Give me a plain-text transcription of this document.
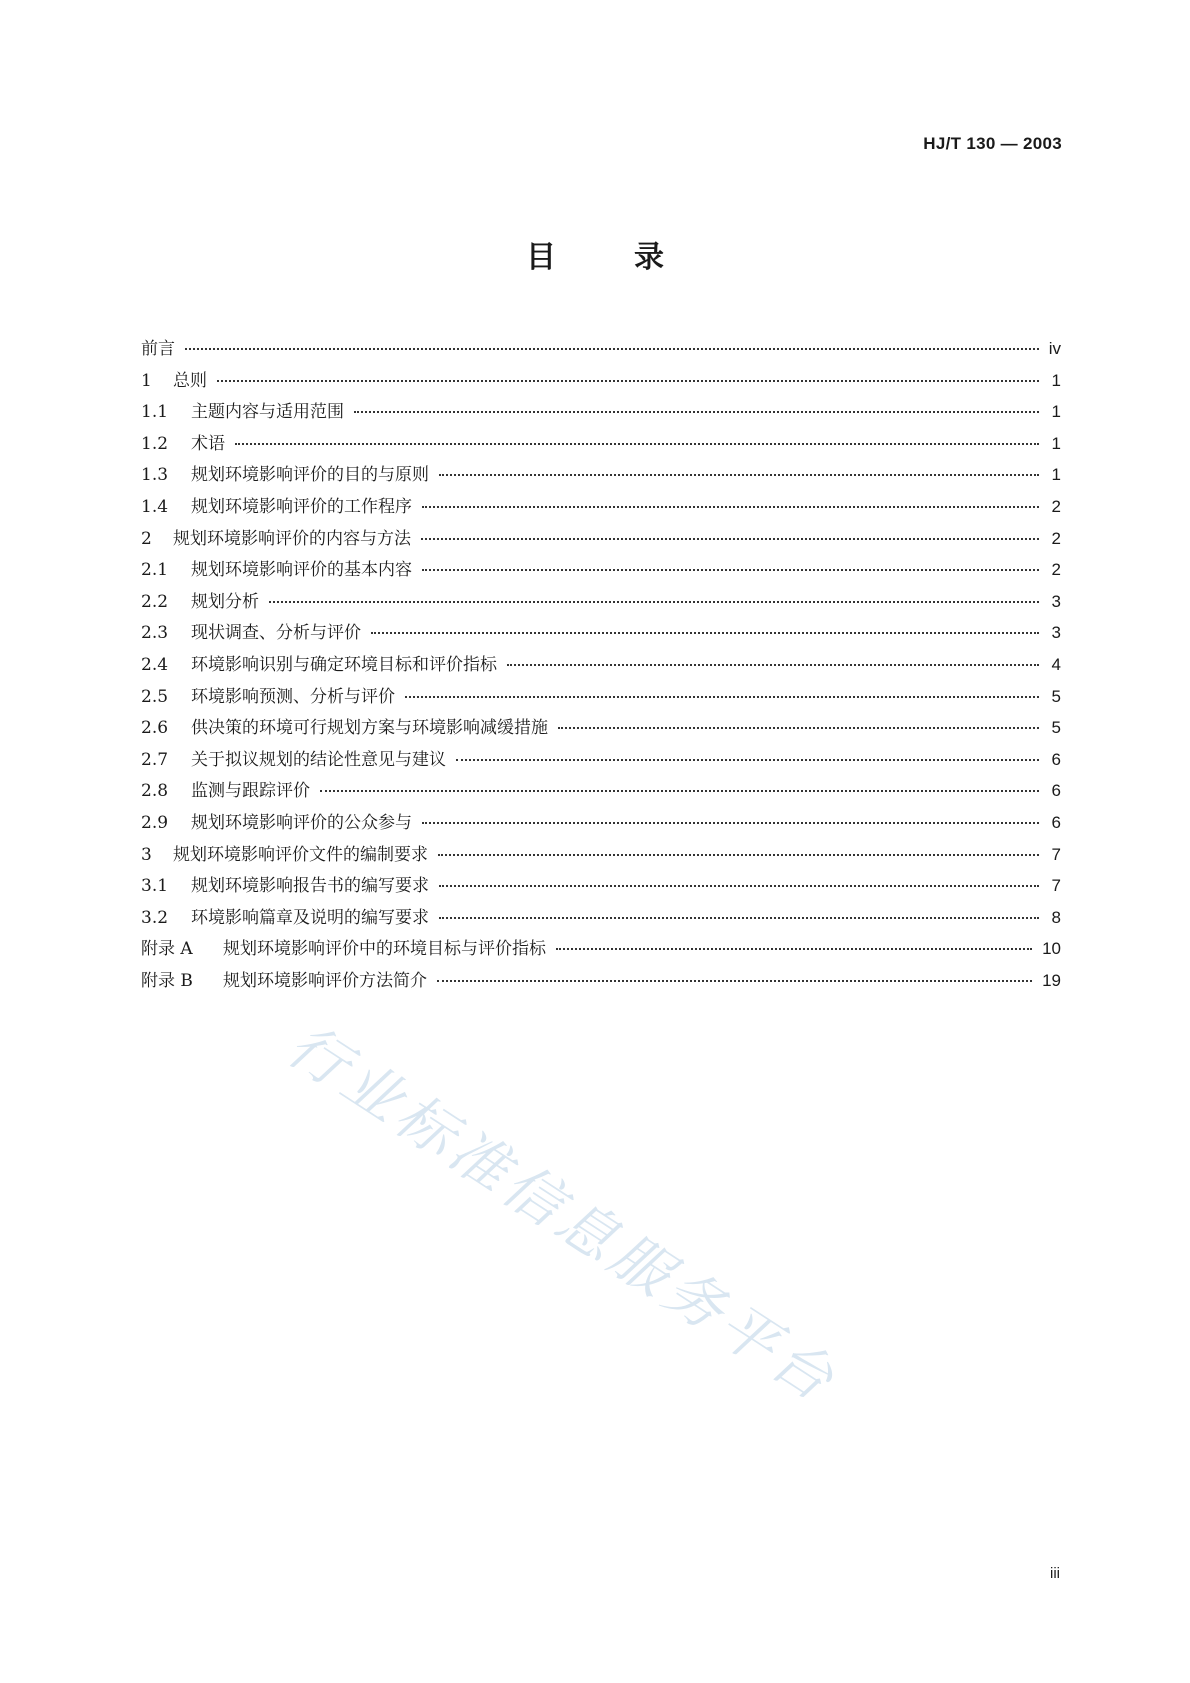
HJ/T 130 — 2003
目录
前言	iv
1	总则	1
1.1	主题内容与适用范围	1
1.2	术语	1
1.3	规划环境影响评价的目的与原则	1
1.4	规划环境影响评价的工作程序	2
2	规划环境影响评价的内容与方法	2
2.1	规划环境影响评价的基本内容	2
2.2	规划分析	3
2.3	现状调查、分析与评价	3
2.4	环境影响识别与确定环境目标和评价指标	4
2.5	环境影响预测、分析与评价	5
2.6	供决策的环境可行规划方案与环境影响减缓措施	5
2.7	关于拟议规划的结论性意见与建议	6
2.8	监测与跟踪评价	6
2.9	规划环境影响评价的公众参与	6
3	规划环境影响评价文件的编制要求	7
3.1	规划环境影响报告书的编写要求	7
3.2	环境影响篇章及说明的编写要求	8
附录 A	规划环境影响评价中的环境目标与评价指标	10
附录 B	规划环境影响评价方法简介	19
iii
行业标准信息服务平台
